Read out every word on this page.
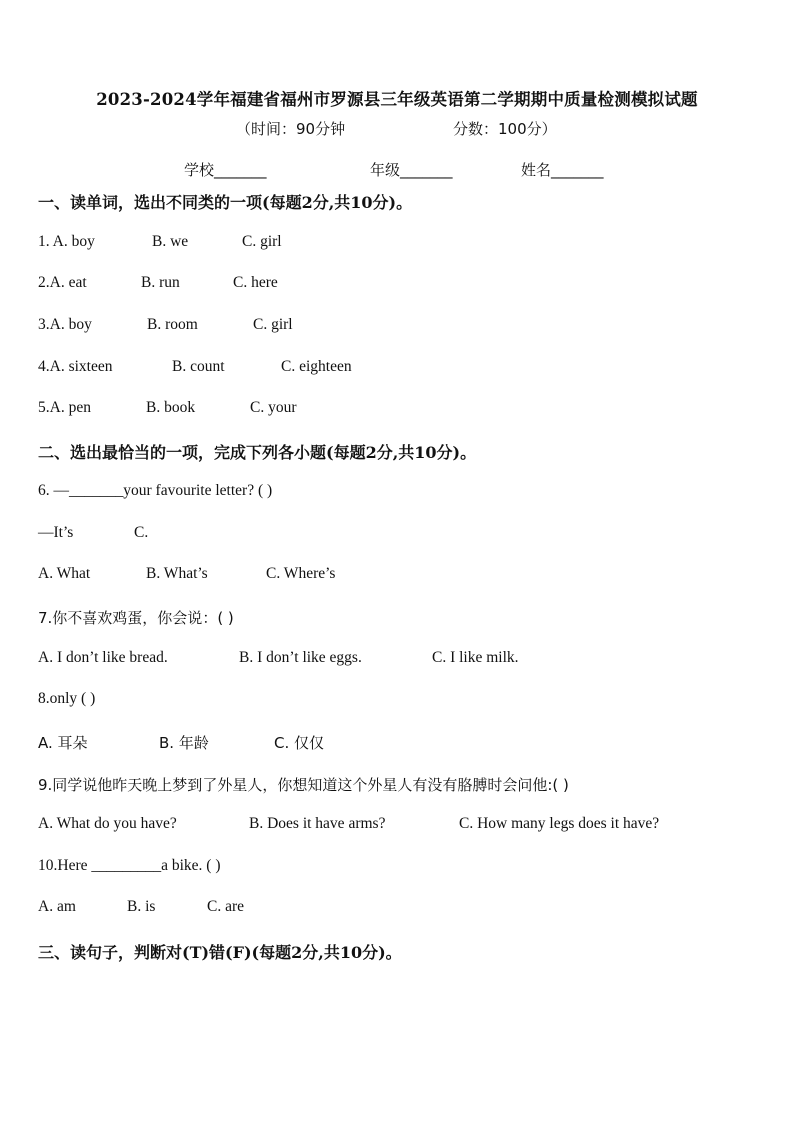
2023-2024学年福建省福州市罗源县三年级英语第二学期期中质量检测模拟试题
（时间：90分钟	分数：100分）
学校_______	年级_______	姓名_______
一、读单词，选出不同类的一项(每题2分,共10分)。
1. A. boy	B. we	C. girl
2.A. eat	B. run	C. here
3.A. boy	B. room	C. girl
4.A. sixteen	B. count	C. eighteen
5.A. pen	B. book	C. your
二、选出最恰当的一项，完成下列各小题(每题2分,共10分)。
6. —_______your favourite letter? ( )
—It’s	C.
A. What	B. What’s	C. Where’s
7.你不喜欢鸡蛋，你会说：( )
A. I don’t like bread.	B. I don’t like eggs.	C. I like milk.
8.only ( )
A. 耳朵	B. 年龄	C. 仅仅
9.同学说他昨天晚上梦到了外星人，你想知道这个外星人有没有胳膊时会问他:( )
A. What do you have?	B. Does it have arms?	C. How many legs does it have?
10.Here _________a bike. ( )
A. am	B. is	C. are
三、读句子，判断对(T)错(F)(每题2分,共10分)。
